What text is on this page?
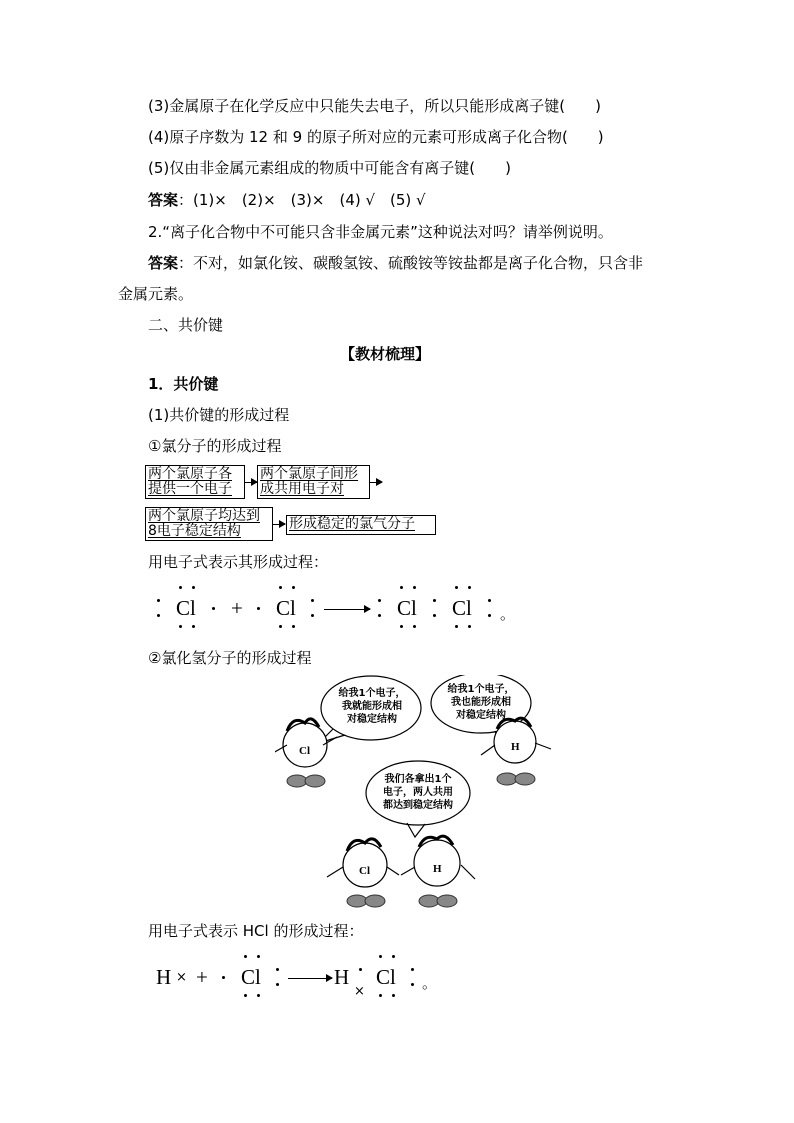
(3)金属原子在化学反应中只能失去电子，所以只能形成离子键(　　)
(4)原子序数为 12 和 9 的原子所对应的元素可形成离子化合物(　　)
(5)仅由非金属元素组成的物质中可能含有离子键(　　)
答案：(1)×　(2)×　(3)×　(4) √　(5) √
2.“离子化合物中不可能只含非金属元素”这种说法对吗？请举例说明。
答案：不对，如氯化铵、碳酸氢铵、硫酸铵等铵盐都是离子化合物，只含非
金属元素。
二、共价键
【教材梳理】
1．共价键
(1)共价键的形成过程
①氯分子的形成过程
两个氯原子各
提供一个电子
两个氯原子间形
成共用电子对
两个氯原子均达到
8电子稳定结构	形成稳定的氯气分子
用电子式表示其形成过程：
Cl + Cl	Cl Cl 。
②氯化氢分子的形成过程
给我1个电子，
我就能形成相
对稳定结构
给我1个电子，
我也能形成相
对稳定结构
我们各拿出1个
电子，两人共用
都达到稳定结构
Cl	H
Cl	H
用电子式表示 HCl 的形成过程：
H × + Cl → H
×
Cl 。
